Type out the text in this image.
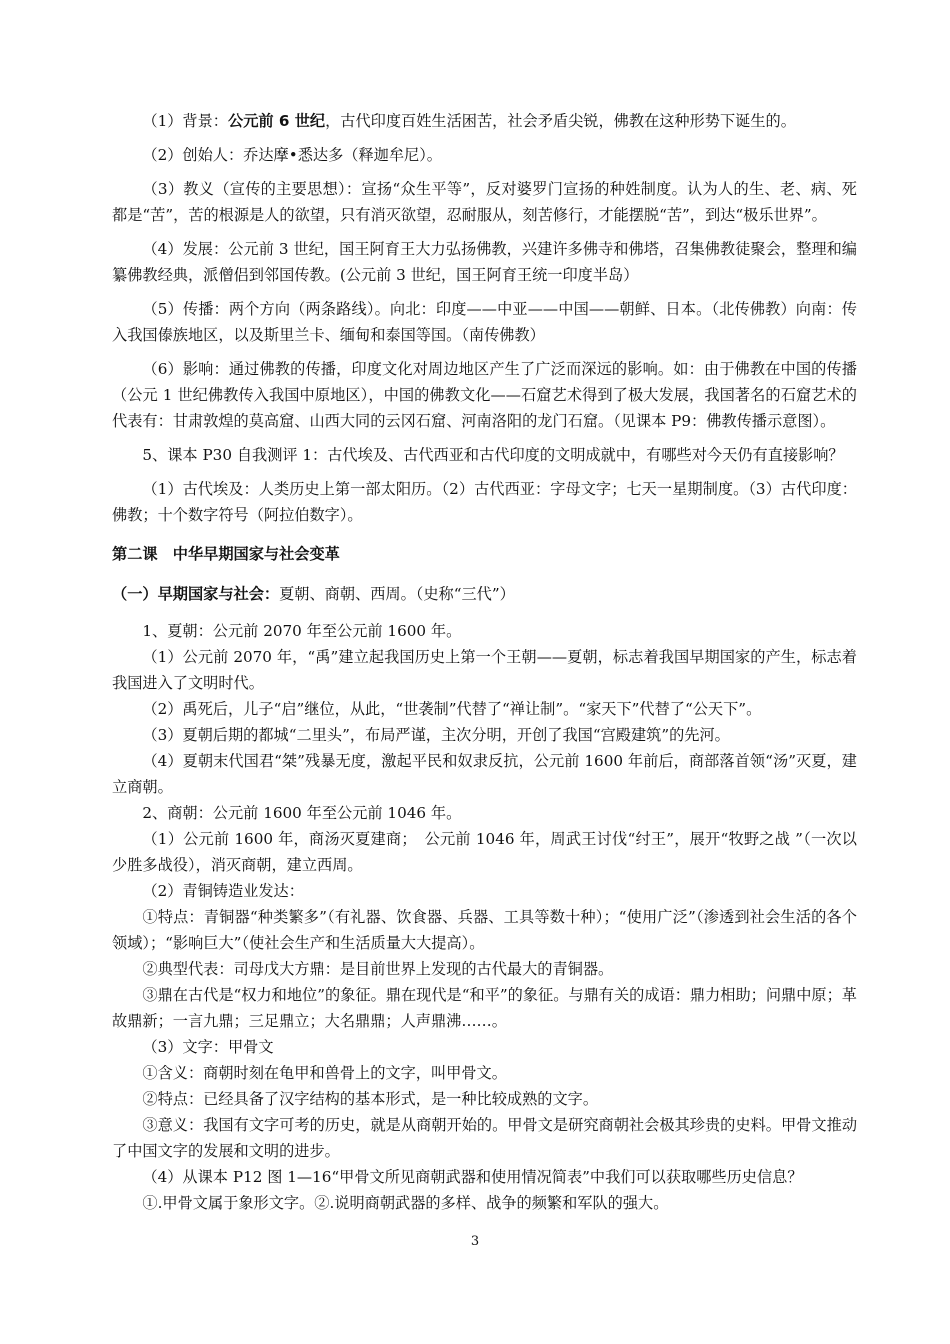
（1）背景：公元前 6 世纪，古代印度百姓生活困苦，社会矛盾尖锐，佛教在这种形势下诞生的。

（2）创始人：乔达摩•悉达多（释迦牟尼）。

（3）教义（宣传的主要思想）：宣扬“众生平等”，反对婆罗门宣扬的种姓制度。认为人的生、老、病、死都是“苦”，苦的根源是人的欲望，只有消灭欲望，忍耐服从，刻苦修行，才能摆脱“苦”，到达“极乐世界”。

（4）发展：公元前 3 世纪，国王阿育王大力弘扬佛教，兴建许多佛寺和佛塔，召集佛教徒聚会，整理和编纂佛教经典，派僧侣到邻国传教。(公元前 3 世纪，国王阿育王统一印度半岛）

（5）传播：两个方向（两条路线）。向北：印度——中亚——中国——朝鲜、日本。（北传佛教）向南：传入我国傣族地区，以及斯里兰卡、缅甸和泰国等国。（南传佛教）

（6）影响：通过佛教的传播，印度文化对周边地区产生了广泛而深远的影响。如：由于佛教在中国的传播（公元 1 世纪佛教传入我国中原地区），中国的佛教文化——石窟艺术得到了极大发展，我国著名的石窟艺术的代表有：甘肃敦煌的莫高窟、山西大同的云冈石窟、河南洛阳的龙门石窟。（见课本 P9：佛教传播示意图）。

5、课本 P30 自我测评 1：古代埃及、古代西亚和古代印度的文明成就中，有哪些对今天仍有直接影响？

（1）古代埃及：人类历史上第一部太阳历。（2）古代西亚：字母文字；七天一星期制度。（3）古代印度：佛教；十个数字符号（阿拉伯数字）。

第二课　中华早期国家与社会变革

（一）早期国家与社会：夏朝、商朝、西周。（史称“三代”）

1、夏朝：公元前 2070 年至公元前 1600 年。

（1）公元前 2070 年，“禹”建立起我国历史上第一个王朝——夏朝，标志着我国早期国家的产生，标志着我国进入了文明时代。

（2）禹死后，儿子“启”继位，从此，“世袭制”代替了“禅让制”。“家天下”代替了“公天下”。

（3）夏朝后期的都城“二里头”，布局严谨，主次分明，开创了我国“宫殿建筑”的先河。

（4）夏朝末代国君“桀”残暴无度，激起平民和奴隶反抗，公元前 1600 年前后，商部落首领“汤”灭夏，建立商朝。

2、商朝：公元前 1600 年至公元前 1046 年。

（1）公元前 1600 年，商汤灭夏建商；　公元前 1046 年，周武王讨伐“纣王”，展开“牧野之战 ”（一次以少胜多战役），消灭商朝，建立西周。

（2）青铜铸造业发达：

①特点：青铜器“种类繁多”（有礼器、饮食器、兵器、工具等数十种）；“使用广泛”（渗透到社会生活的各个领域）；“影响巨大”（使社会生产和生活质量大大提高）。

②典型代表：司母戊大方鼎：是目前世界上发现的古代最大的青铜器。

③鼎在古代是“权力和地位”的象征。鼎在现代是“和平”的象征。与鼎有关的成语：鼎力相助；问鼎中原；革故鼎新；一言九鼎；三足鼎立；大名鼎鼎；人声鼎沸……。

（3）文字：甲骨文

①含义：商朝时刻在龟甲和兽骨上的文字，叫甲骨文。

②特点：已经具备了汉字结构的基本形式，是一种比较成熟的文字。

③意义：我国有文字可考的历史，就是从商朝开始的。甲骨文是研究商朝社会极其珍贵的史料。甲骨文推动了中国文字的发展和文明的进步。

（4）从课本 P12 图 1—16“甲骨文所见商朝武器和使用情况简表”中我们可以获取哪些历史信息？

①.甲骨文属于象形文字。②.说明商朝武器的多样、战争的频繁和军队的强大。

3
